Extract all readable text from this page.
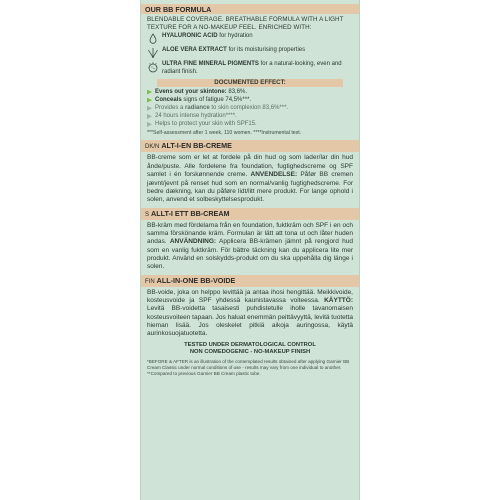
OUR BB FORMULA
BLENDABLE COVERAGE. BREATHABLE FORMULA WITH A LIGHT TEXTURE FOR A NO-MAKEUP FEEL. ENRICHED WITH:
HYALURONIC ACID for hydration
ALOE VERA EXTRACT for its moisturising properties
ULTRA FINE MINERAL PIGMENTS for a natural-looking, even and radiant finish.
DOCUMENTED EFFECT:
Evens out your skintone: 83,6%.
Conceals signs of fatigue 74,5%***.
Provides a radiance to skin complexion 83,6%***.
24 hours intense hydration****.
Helps to protect your skin with SPF15.
***Self-assessment after 1 week, 110 women. ****Instrumental test.
DK/N ALT-I-EN BB-CREME
BB-creme som er let at fordele på din hud og som lader/lar din hud ånde/puste. Alle fordelene fra foundation, fugtighedscreme og SPF samlet i én forskønnende creme. ANVENDELSE: Påfør BB cremen jævnt/jevnt på renset hud som en normal/vanlig fugtighedscreme. For bedre dækning, kan du påføre lidt/litt mere produkt. For lange ophold i solen, anvend et solbeskyttelsesprodukt.
S ALLT-I ETT BB-CREAM
BB-kräm med fördelarna från en foundation, fuktkräm och SPF i en och samma förskönande kräm. Formulan är lätt att tona ut och låter huden andas. ANVÄNDNING: Applicera BB-krämen jämnt på rengjord hud som en vanlig fuktkräm. För bättre täckning kan du applicera lite mer produkt. Använd en solskydds-produkt om du ska uppehålla dig länge i solen.
FIN ALL-IN-ONE BB-VOIDE
BB-voide, joka on helppo levittää ja antaa ihosi hengittää. Meikkivoide, kosteusvoide ja SPF yhdessä kaunistavassa voiteessa. KÄYTTÖ: Levitä BB-voidetta tasaisesti puhdistetulle iholle tavanomaisen kosteusvoiteen tapaan. Jos haluat enemmän peittävyyttä, levitä tuotetta hieman lisää. Jos oleskelet pitkiä aikoja auringossa, käytä aurinkosuojatuotetta.
TESTED UNDER DERMATOLOGICAL CONTROL
NON COMEDOGENIC - NO-MAKEUP FINISH
*BEFORE & AFTER is an illustration of the contemplated results obtained after applying Garnier BB Cream Classic under normal conditions of use - results may vary from one individual to another. **Compared to previous Garnier BB Cream plastic tube.
